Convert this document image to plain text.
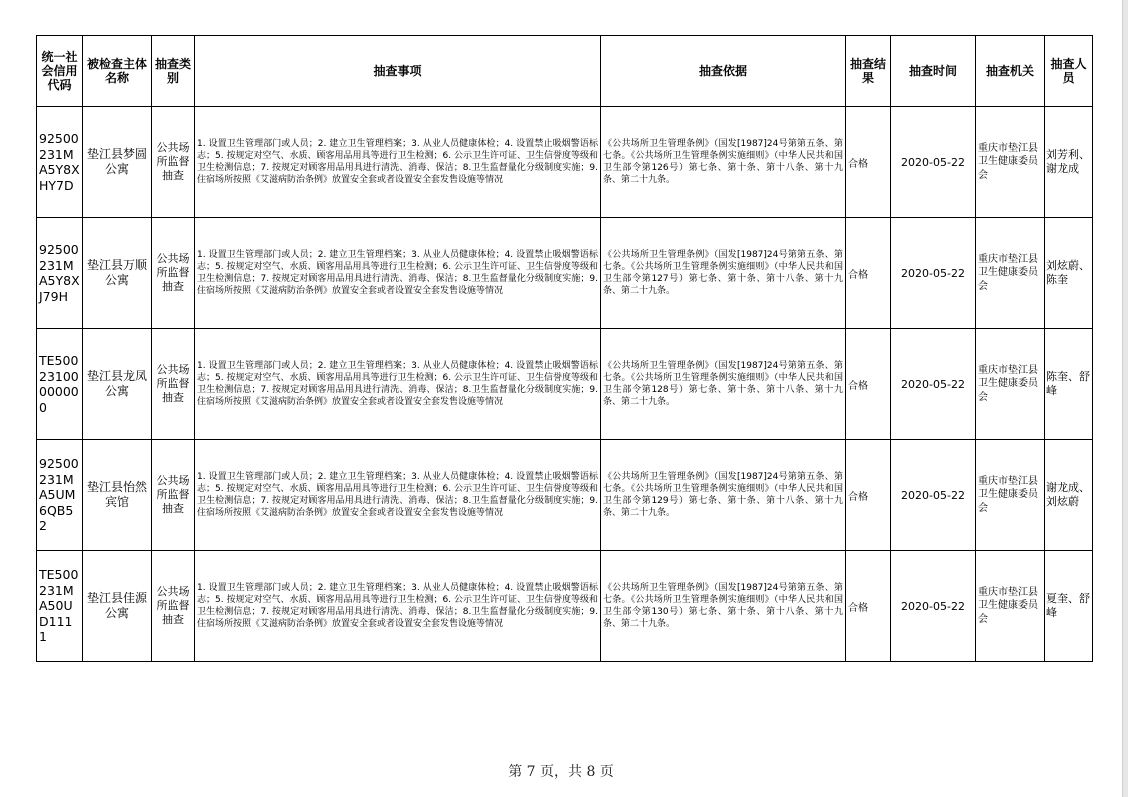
统一社会信用代码	被检查主体名称	抽查类别	抽查事项	抽查依据	抽查结果	抽查时间	抽查机关	抽查人员
92500231MA5Y8XHY7D	垫江县梦圆公寓	公共场所监督抽查	1. 设置卫生管理部门或人员；2. 建立卫生管理档案；3. 从业人员健康体检；4. 设置禁止吸烟警语标志；5. 按规定对空气、水质、顾客用品用具等进行卫生检测；6. 公示卫生许可证、卫生信誉度等级和卫生检测信息；7. 按规定对顾客用品用具进行清洗、消毒、保洁；8.卫生监督量化分级制度实施；9.住宿场所按照《艾滋病防治条例》放置安全套或者设置安全套发售设施等情况	《公共场所卫生管理条例》（国发[1987]24号第第五条、第七条。《公共场所卫生管理条例实施细则》（中华人民共和国卫生部令第126号）第七条、第十条、第十八条、第十九条、第二十九条。	合格	2020-05-22	重庆市垫江县卫生健康委员会	刘芳利、谢龙成
92500231MA5Y8XJ79H	垫江县万顺公寓	公共场所监督抽查	1. 设置卫生管理部门或人员；2. 建立卫生管理档案；3. 从业人员健康体检；4. 设置禁止吸烟警语标志；5. 按规定对空气、水质、顾客用品用具等进行卫生检测；6. 公示卫生许可证、卫生信誉度等级和卫生检测信息；7. 按规定对顾客用品用具进行清洗、消毒、保洁；8.卫生监督量化分级制度实施；9.住宿场所按照《艾滋病防治条例》放置安全套或者设置安全套发售设施等情况	《公共场所卫生管理条例》（国发[1987]24号第第五条、第七条。《公共场所卫生管理条例实施细则》（中华人民共和国卫生部令第127号）第七条、第十条、第十八条、第十九条、第二十九条。	合格	2020-05-22	重庆市垫江县卫生健康委员会	刘炫蔚、陈奎
TE50023100000000	垫江县龙凤公寓	公共场所监督抽查	1. 设置卫生管理部门或人员；2. 建立卫生管理档案；3. 从业人员健康体检；4. 设置禁止吸烟警语标志；5. 按规定对空气、水质、顾客用品用具等进行卫生检测；6. 公示卫生许可证、卫生信誉度等级和卫生检测信息；7. 按规定对顾客用品用具进行清洗、消毒、保洁；8.卫生监督量化分级制度实施；9.住宿场所按照《艾滋病防治条例》放置安全套或者设置安全套发售设施等情况	《公共场所卫生管理条例》（国发[1987]24号第第五条、第七条。《公共场所卫生管理条例实施细则》（中华人民共和国卫生部令第128号）第七条、第十条、第十八条、第十九条、第二十九条。	合格	2020-05-22	重庆市垫江县卫生健康委员会	陈奎、舒峰
92500231MA5UM6QB52	垫江县怡然宾馆	公共场所监督抽查	1. 设置卫生管理部门或人员；2. 建立卫生管理档案；3. 从业人员健康体检；4. 设置禁止吸烟警语标志；5. 按规定对空气、水质、顾客用品用具等进行卫生检测；6. 公示卫生许可证、卫生信誉度等级和卫生检测信息；7. 按规定对顾客用品用具进行清洗、消毒、保洁；8.卫生监督量化分级制度实施；9.住宿场所按照《艾滋病防治条例》放置安全套或者设置安全套发售设施等情况	《公共场所卫生管理条例》（国发[1987]24号第第五条、第七条。《公共场所卫生管理条例实施细则》（中华人民共和国卫生部令第129号）第七条、第十条、第十八条、第十九条、第二十九条。	合格	2020-05-22	重庆市垫江县卫生健康委员会	谢龙成、刘炫蔚
TE500231MA50UD1111	垫江县佳源公寓	公共场所监督抽查	1. 设置卫生管理部门或人员；2. 建立卫生管理档案；3. 从业人员健康体检；4. 设置禁止吸烟警语标志；5. 按规定对空气、水质、顾客用品用具等进行卫生检测；6. 公示卫生许可证、卫生信誉度等级和卫生检测信息；7. 按规定对顾客用品用具进行清洗、消毒、保洁；8.卫生监督量化分级制度实施；9.住宿场所按照《艾滋病防治条例》放置安全套或者设置安全套发售设施等情况	《公共场所卫生管理条例》（国发[1987]24号第第五条、第七条。《公共场所卫生管理条例实施细则》（中华人民共和国卫生部令第130号）第七条、第十条、第十八条、第十九条、第二十九条。	合格	2020-05-22	重庆市垫江县卫生健康委员会	夏奎、舒峰
第 7 页，共 8 页
